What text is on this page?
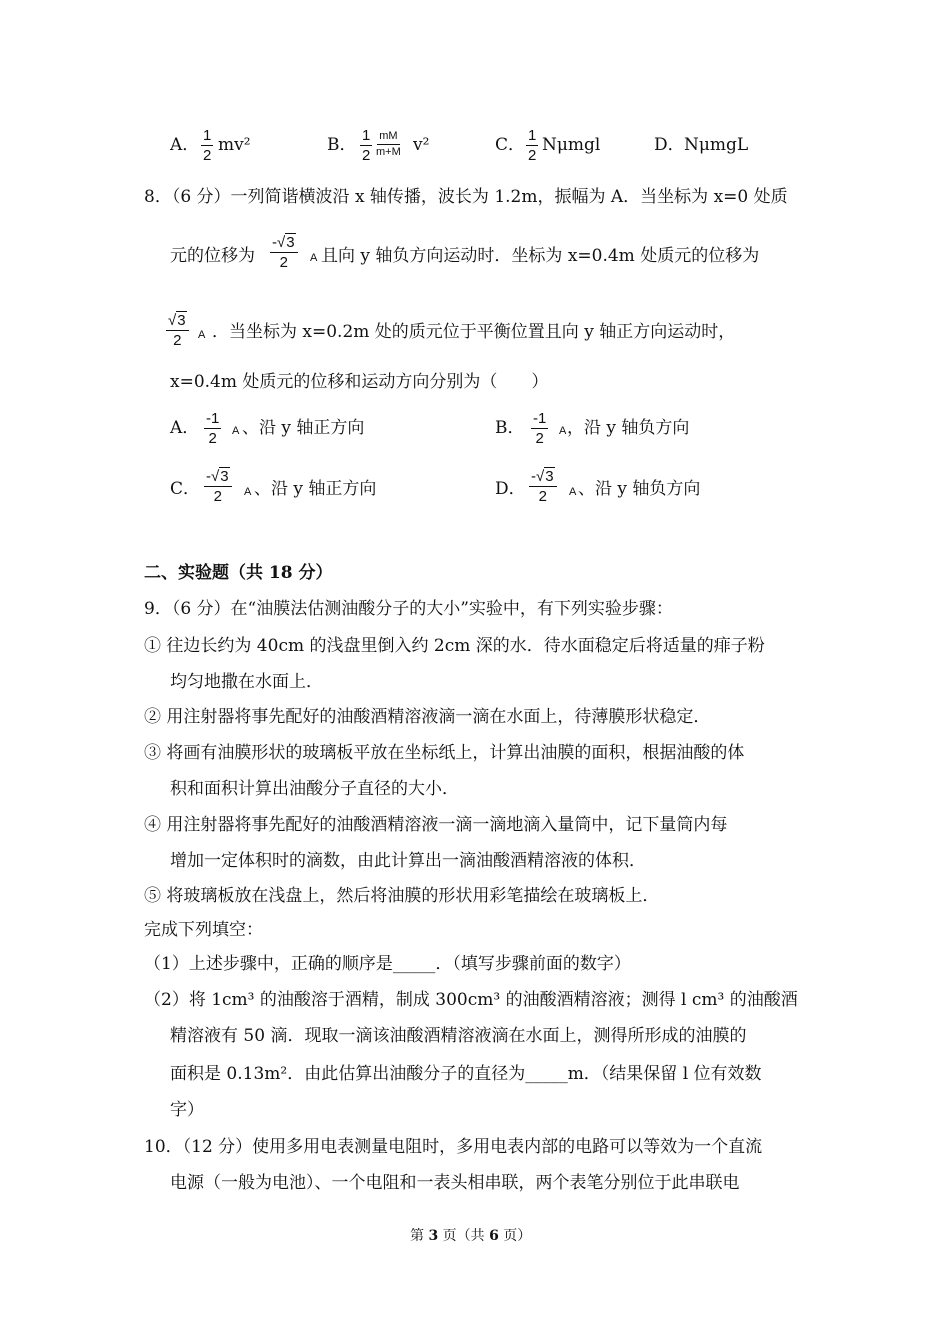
A． $\frac{1}{2} mv^2$	B． $\frac{1}{2} \frac{mM}{m+M} v^2$	C． $\frac{1}{2}$ Nμmgl	D． NμmgL
8．（6 分）一列简谐横波沿 x 轴传播，波长为 1.2m，振幅为 A．当坐标为 x=0 处质
元的位移为 $\frac{-√3}{2}$ A 且向 y 轴负方向运动时．坐标为 x=0.4m 处质元的位移为
$\frac{√3}{2}$ A ．当坐标为 x=0.2m 处的质元位于平衡位置且向 y 轴正方向运动时，
x=0.4m 处质元的位移和运动方向分别为（　　）
A． $\frac{-1}{2}$ A 、沿 y 轴正方向	B． $\frac{-1}{2}$ A ，沿 y 轴负方向
C． $\frac{-√3}{2}$ A 、沿 y 轴正方向	D． $\frac{-√3}{2}$ A 、沿 y 轴负方向
二、实验题（共 18 分）
9．（6 分）在“油膜法估测油酸分子的大小”实验中，有下列实验步骤：
① 往边长约为 40cm 的浅盘里倒入约 2cm 深的水．待水面稳定后将适量的痱子粉
均匀地撒在水面上．
② 用注射器将事先配好的油酸酒精溶液滴一滴在水面上，待薄膜形状稳定．
③ 将画有油膜形状的玻璃板平放在坐标纸上，计算出油膜的面积，根据油酸的体
积和面积计算出油酸分子直径的大小．
④ 用注射器将事先配好的油酸酒精溶液一滴一滴地滴入量筒中，记下量筒内每
增加一定体积时的滴数，由此计算出一滴油酸酒精溶液的体积．
⑤ 将玻璃板放在浅盘上，然后将油膜的形状用彩笔描绘在玻璃板上．
完成下列填空：
（1）上述步骤中，正确的顺序是_____．（填写步骤前面的数字）
（2）将 1cm³ 的油酸溶于酒精，制成 300cm³ 的油酸酒精溶液；测得 l cm³ 的油酸酒
精溶液有 50 滴．现取一滴该油酸酒精溶液滴在水面上，测得所形成的油膜的
面积是 0.13m²．由此估算出油酸分子的直径为_____m．（结果保留 l 位有效数
字）
10．（12 分）使用多用电表测量电阻时，多用电表内部的电路可以等效为一个直流
电源（一般为电池）、一个电阻和一表头相串联，两个表笔分别位于此串联电
第 3 页（共 6 页）
